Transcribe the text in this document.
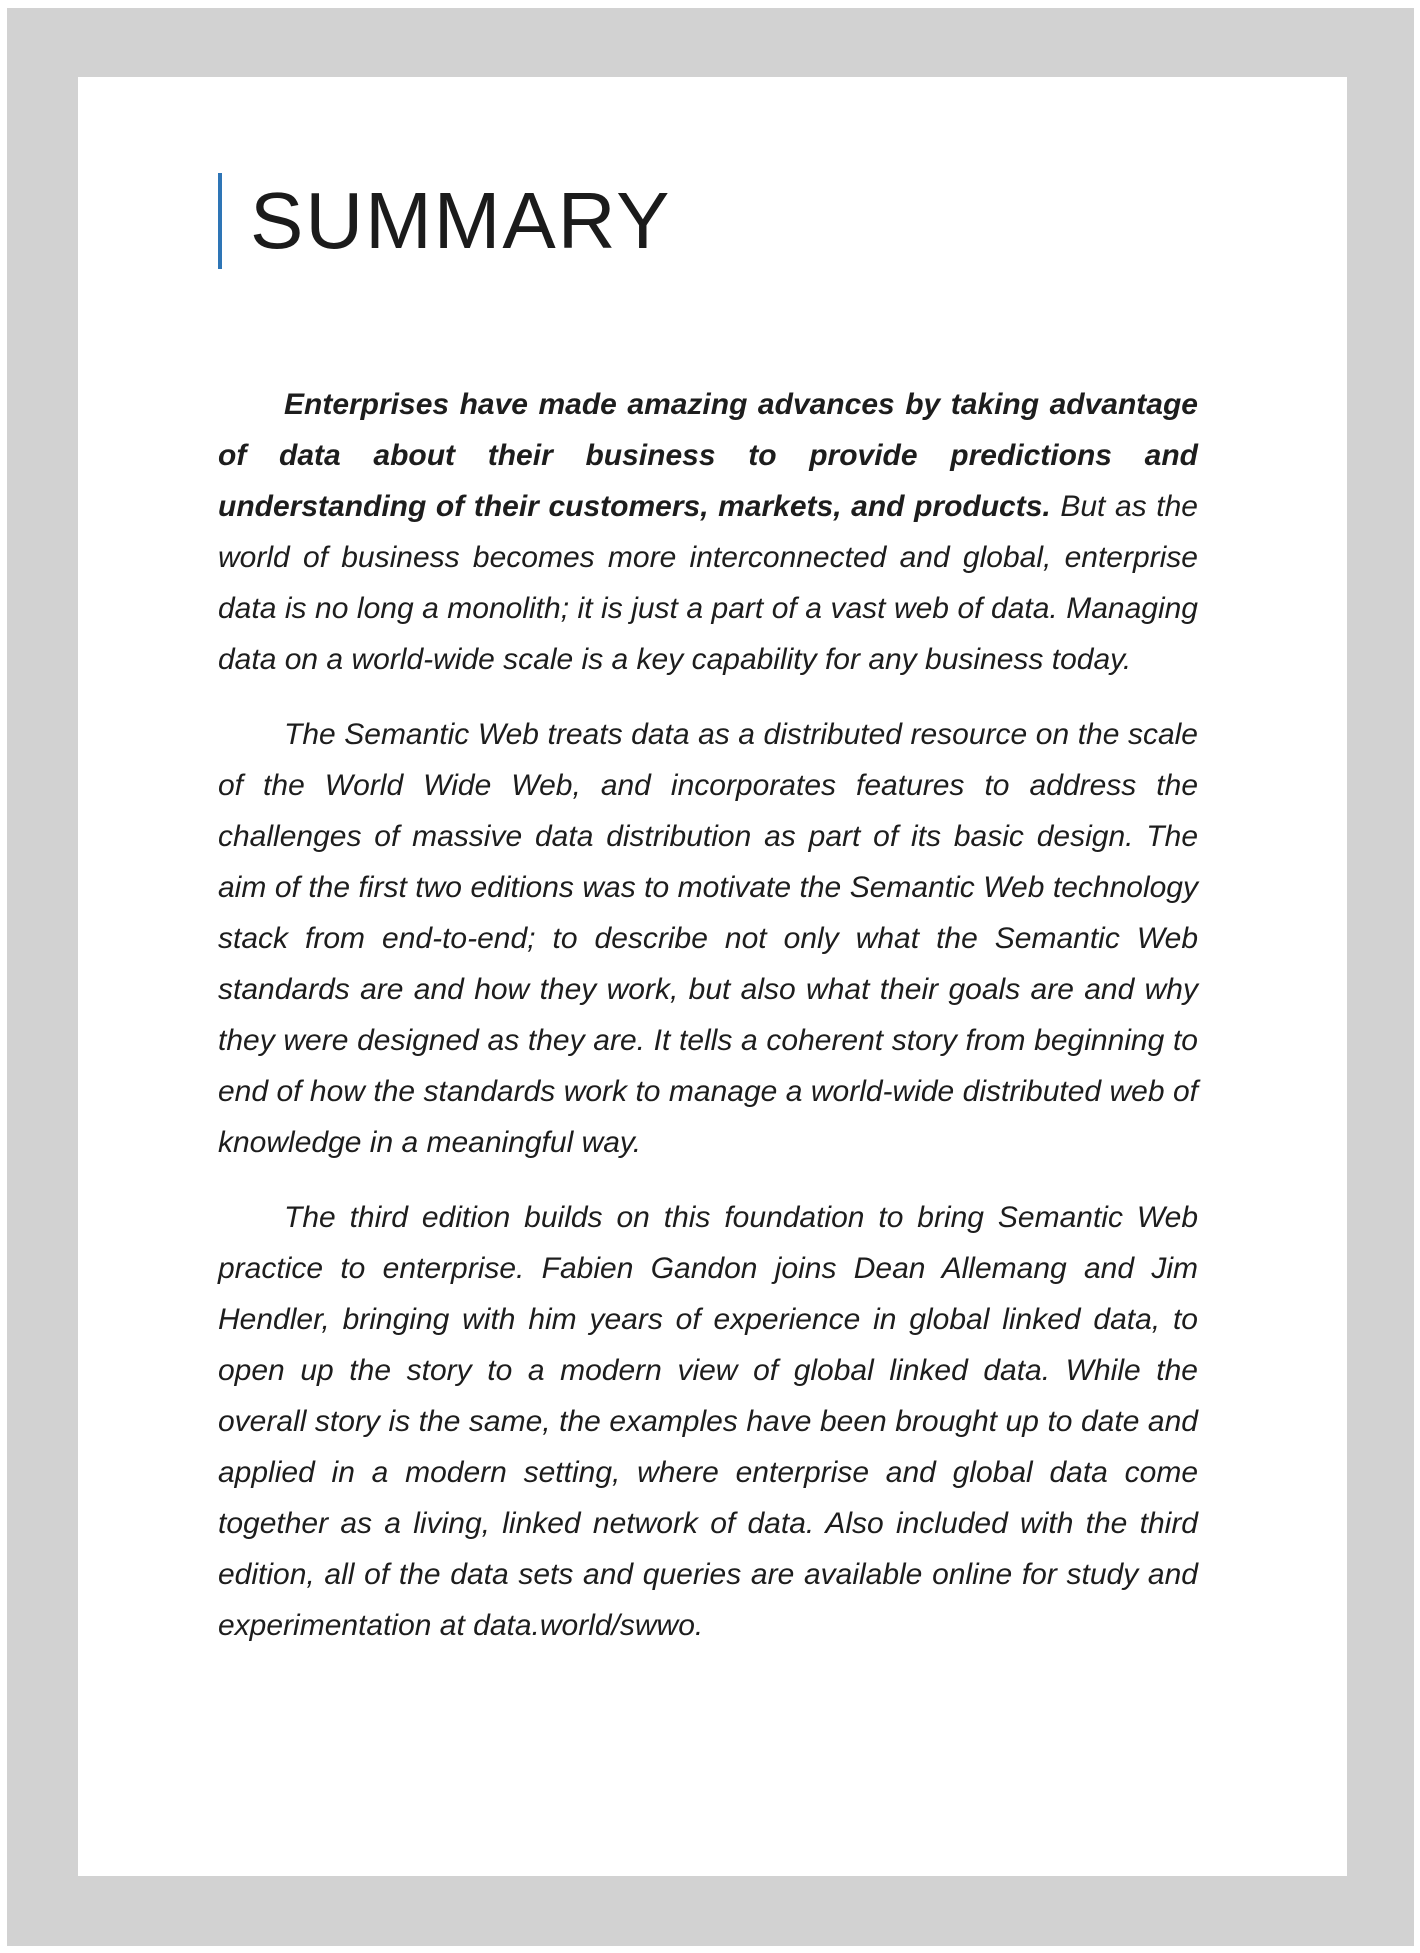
SUMMARY

Enterprises have made amazing advances by taking advantage of data about their business to provide predictions and understanding of their customers, markets, and products. But as the world of business becomes more interconnected and global, enterprise data is no long a monolith; it is just a part of a vast web of data. Managing data on a world-wide scale is a key capability for any business today.

The Semantic Web treats data as a distributed resource on the scale of the World Wide Web, and incorporates features to address the challenges of massive data distribution as part of its basic design. The aim of the first two editions was to motivate the Semantic Web technology stack from end-to-end; to describe not only what the Semantic Web standards are and how they work, but also what their goals are and why they were designed as they are. It tells a coherent story from beginning to end of how the standards work to manage a world-wide distributed web of knowledge in a meaningful way.

The third edition builds on this foundation to bring Semantic Web practice to enterprise. Fabien Gandon joins Dean Allemang and Jim Hendler, bringing with him years of experience in global linked data, to open up the story to a modern view of global linked data. While the overall story is the same, the examples have been brought up to date and applied in a modern setting, where enterprise and global data come together as a living, linked network of data. Also included with the third edition, all of the data sets and queries are available online for study and experimentation at data.world/swwo.
